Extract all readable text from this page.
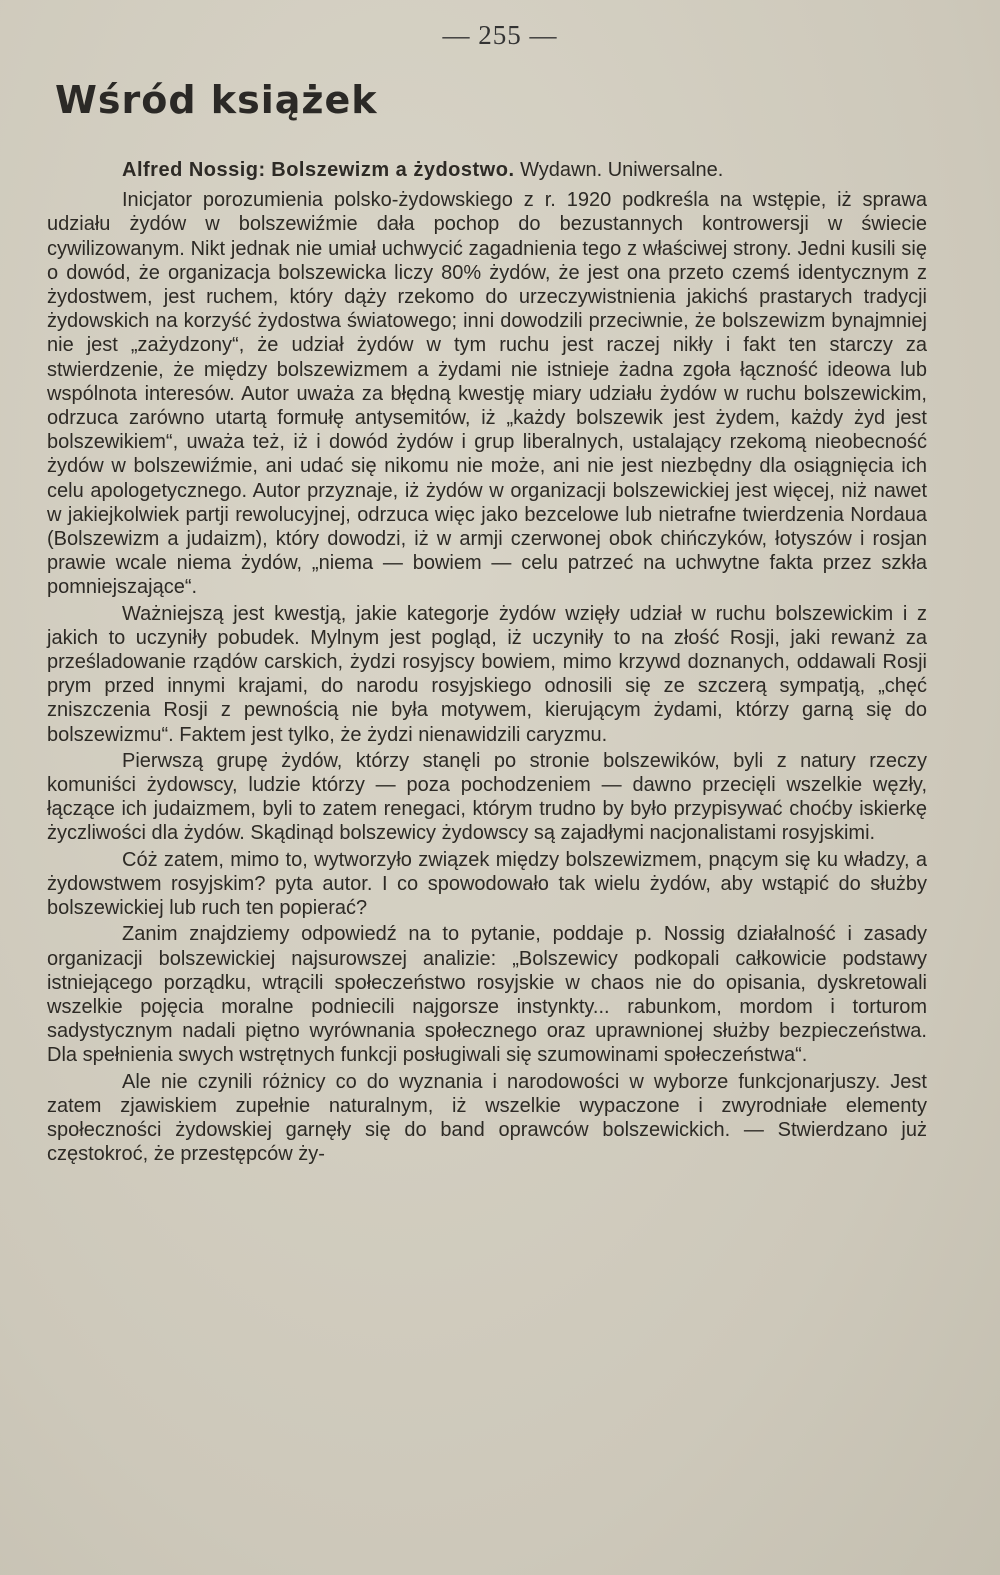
— 255 —
Wśród książek
Alfred Nossig: Bolszewizm a żydostwo. Wydawn. Uniwersalne.

Inicjator porozumienia polsko-żydowskiego z r. 1920 podkreśla na wstępie, iż sprawa udziału żydów w bolszewiźmie dała pochop do bezustannych kontrowersji w świecie cywilizowanym. Nikt jednak nie umiał uchwycić zagadnienia tego z właściwej strony. Jedni kusili się o dowód, że organizacja bolszewicka liczy 80% żydów, że jest ona przeto czemś identycznym z żydostwem, jest ruchem, który dąży rzekomo do urzeczywistnienia jakichś prastarych tradycji żydowskich na korzyść żydostwa światowego; inni dowodzili przeciwnie, że bolszewizm bynajmniej nie jest „zażydzony“, że udział żydów w tym ruchu jest raczej nikły i fakt ten starczy za stwierdzenie, że między bolszewizmem a żydami nie istnieje żadna zgoła łączność ideowa lub wspólnota interesów. Autor uważa za błędną kwestję miary udziału żydów w ruchu bolszewickim, odrzuca zarówno utartą formułę antysemitów, iż „każdy bolszewik jest żydem, każdy żyd jest bolszewikiem“, uważa też, iż i dowód żydów i grup liberalnych, ustalający rzekomą nieobecność żydów w bolszewiźmie, ani udać się nikomu nie może, ani nie jest niezbędny dla osiągnięcia ich celu apologetycznego. Autor przyznaje, iż żydów w organizacji bolszewickiej jest więcej, niż nawet w jakiejkolwiek partji rewolucyjnej, odrzuca więc jako bezcelowe lub nietrafne twierdzenia Nordaua (Bolszewizm a judaizm), który dowodzi, iż w armji czerwonej obok chińczyków, łotyszów i rosjan prawie wcale niema żydów, „niema — bowiem — celu patrzeć na uchwytne fakta przez szkła pomniejszające“.

Ważniejszą jest kwestją, jakie kategorje żydów wzięły udział w ruchu bolszewickim i z jakich to uczyniły pobudek. Mylnym jest pogląd, iż uczyniły to na złość Rosji, jaki rewanż za prześladowanie rządów carskich, żydzi rosyjscy bowiem, mimo krzywd doznanych, oddawali Rosji prym przed innymi krajami, do narodu rosyjskiego odnosili się ze szczerą sympatją, „chęć zniszczenia Rosji z pewnością nie była motywem, kierującym żydami, którzy garną się do bolszewizmu“. Faktem jest tylko, że żydzi nienawidzili caryzmu.

Pierwszą grupę żydów, którzy stanęli po stronie bolszewików, byli z natury rzeczy komuniści żydowscy, ludzie którzy — poza pochodzeniem — dawno przecięli wszelkie węzły, łączące ich judaizmem, byli to zatem renegaci, którym trudno by było przypisywać choćby iskierkę życzliwości dla żydów. Skądinąd bolszewicy żydowscy są zajadłymi nacjonalistami rosyjskimi.

Cóż zatem, mimo to, wytworzyło związek między bolszewizmem, pnącym się ku władzy, a żydowstwem rosyjskim? pyta autor. I co spowodowało tak wielu żydów, aby wstąpić do służby bolszewickiej lub ruch ten popierać?

Zanim znajdziemy odpowiedź na to pytanie, poddaje p. Nossig działalność i zasady organizacji bolszewickiej najsurowszej analizie: „Bolszewicy podkopali całkowicie podstawy istniejącego porządku, wtrącili społeczeństwo rosyjskie w chaos nie do opisania, dyskretowali wszelkie pojęcia moralne podniecili najgorsze instynkty... rabunkom, mordom i torturom sadystycznym nadali piętno wyrównania społecznego oraz uprawnionej służby bezpieczeństwa. Dla spełnienia swych wstrętnych funkcji posługiwali się szumowinami społeczeństwa“.

Ale nie czynili różnicy co do wyznania i narodowości w wyborze funkcjonarjuszy. Jest zatem zjawiskiem zupełnie naturalnym, iż wszelkie wypaczone i zwyrodniałe elementy społeczności żydowskiej garnęły się do band oprawców bolszewickich. — Stwierdzano już częstokroć, że przestępców ży-
